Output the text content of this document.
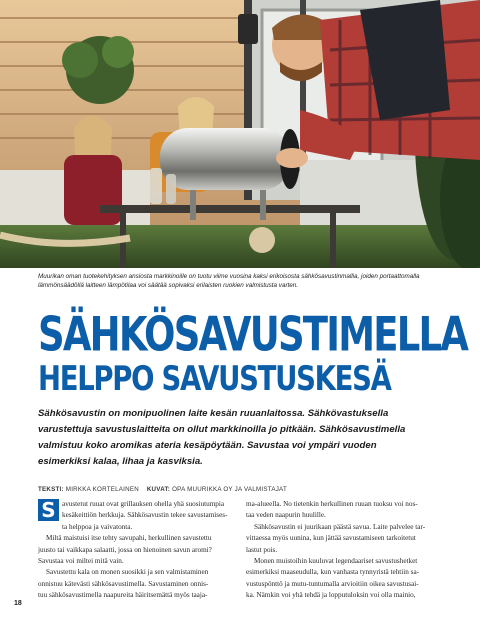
Muurikan oman tuotekehityksen ansiosta markkinoille on tuotu viime vuosina kaksi erikoisosta sähkösavustinmallia, joiden portaattomalla lämmönsäädöllä laitteen lämpötilaa voi säätää sopivaksi erilaisten ruokien valmistusta varten.

SÄHKÖSAVUSTIMELLA
HELPPO SAVUSTUSKESÄ

Sähkösavustin on monipuolinen laite kesän ruuanlaitossa. Sähkövastuksella

varustettuja savustuslaitteita on ollut markkinoilla jo pitkään. Sähkösavustimella

valmistuu koko aromikas ateria kesäpöytään. Savustaa voi ympäri vuoden

esimerkiksi kalaa, lihaa ja kasviksia.

TEKSTI: MIRKKA KORTELAINEN KUVAT: OPA MUURIKKA OY JA VALMISTAJAT
S avustetut ruuat ovat grillauksen ohella yhä suosiutumpia

kesäkeittiön herkkuja. Sähkösavustin tekee savustamises-

ta helppoa ja vaivatonta.

Miltä maistuisi itse tehty savupahi, herkullinen savustettu

juusto tai vaikkapa salaatti, jossa on hienoinen savun aromi?

Savustaa voi miltei mitä vain.

Savustettu kala on monen suosikki ja sen valmistaminen

onnistuu kätevästi sähkösavustimella. Savustaminen onnis-

tuu sähkösavustimella naapureita häiritsemättä myös taaja-

ma-alueella. Nо tietenkin herkullinen ruuan tuoksu voi nos-

taa veden naapurin huulille.

Sähkösavustin ei juurikaan päästä savua. Laite palvelee tar-

vittaessa myös uunina, kun jättää savustamiseen tarkoitetut

lastut pois.

Monen muistoihin kuuluvat legendaariset savustushetket

esimerkiksi maaseudulla, kun vanhasta tynnyristä tehtiin sa-

vustuspönttö ja mutu-tuntumalla arvioitiin oikea savustusai-

ka. Nämkin voi yhä tehdä ja lopputuloksin voi olla mainio,

18
